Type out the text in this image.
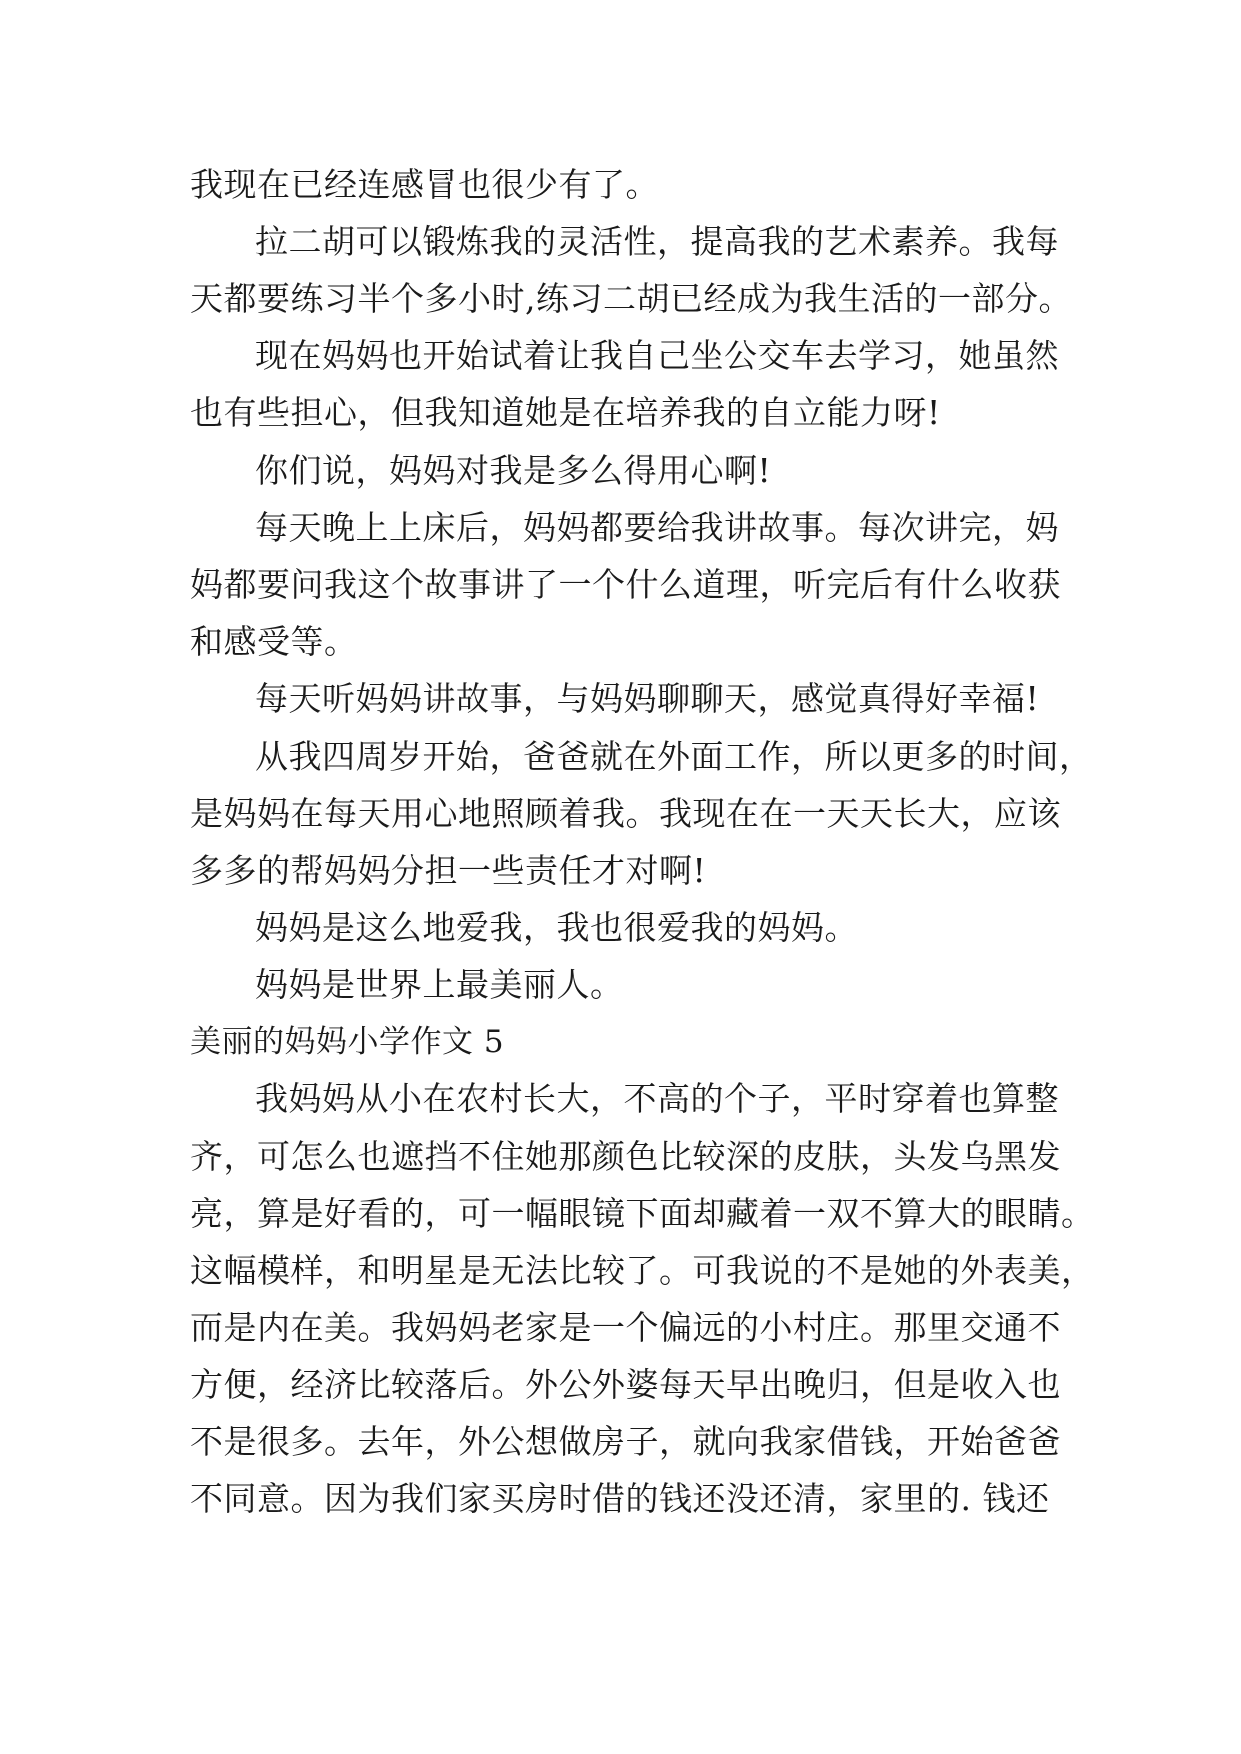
我现在已经连感冒也很少有了。
拉二胡可以锻炼我的灵活性，提高我的艺术素养。我每
天都要练习半个多小时,练习二胡已经成为我生活的一部分。
现在妈妈也开始试着让我自己坐公交车去学习，她虽然
也有些担心，但我知道她是在培养我的自立能力呀!
你们说，妈妈对我是多么得用心啊!
每天晚上上床后，妈妈都要给我讲故事。每次讲完，妈
妈都要问我这个故事讲了一个什么道理，听完后有什么收获
和感受等。
每天听妈妈讲故事，与妈妈聊聊天，感觉真得好幸福!
从我四周岁开始，爸爸就在外面工作，所以更多的时间，
是妈妈在每天用心地照顾着我。我现在在一天天长大，应该
多多的帮妈妈分担一些责任才对啊!
妈妈是这么地爱我，我也很爱我的妈妈。
妈妈是世界上最美丽人。
美丽的妈妈小学作文 5
我妈妈从小在农村长大，不高的个子，平时穿着也算整
齐，可怎么也遮挡不住她那颜色比较深的皮肤，头发乌黑发
亮，算是好看的，可一幅眼镜下面却藏着一双不算大的眼睛。
这幅模样，和明星是无法比较了。可我说的不是她的外表美，
而是内在美。我妈妈老家是一个偏远的小村庄。那里交通不
方便，经济比较落后。外公外婆每天早出晚归，但是收入也
不是很多。去年，外公想做房子，就向我家借钱，开始爸爸
不同意。因为我们家买房时借的钱还没还清，家里的. 钱还
